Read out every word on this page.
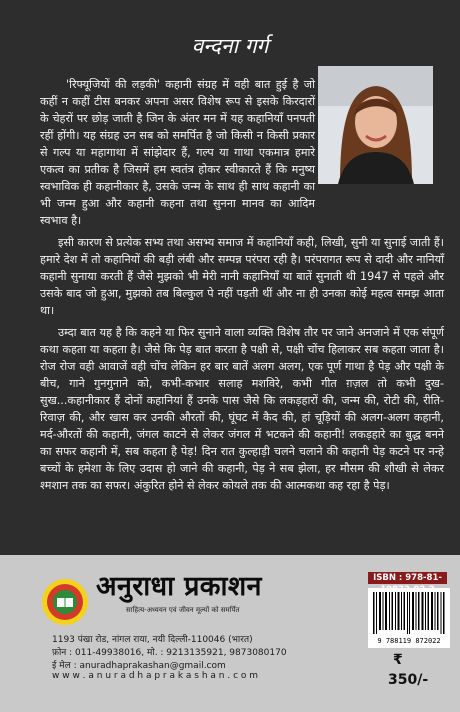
वन्दना गर्ग

'रिफ्यूजियों की लड़की' कहानी संग्रह में वही बात हुई है जो कहीं न कहीं टीस बनकर अपना असर विशेष रूप से इसके किरदारों के चेहरों पर छोड़ जाती है जिन के अंतर मन में यह कहानियाँ पनपती रहीं होंगी। यह संग्रह उन सब को समर्पित है जो किसी न किसी प्रकार से गल्प या महागाथा में सांझेदार हैं, गल्प या गाथा एकमात्र हमारे एकत्व का प्रतीक है जिसमें हम स्वतंत्र होकर स्वीकारते हैं कि मनुष्य स्वभाविक ही कहानीकार है, उसके जन्म के साथ ही साथ कहानी का भी जन्म हुआ और कहानी कहना तथा सुनना मानव का आदिम स्वभाव है।

इसी कारण से प्रत्येक सभ्य तथा असभ्य समाज में कहानियाँ कही, लिखी, सुनी या सुनाई जाती हैं। हमारे देश में तो कहानियों की बड़ी लंबी और सम्पन्न परंपरा रही है। परंपरागत रूप से दादी और नानियाँ कहानी सुनाया करती हैं जैसे मुझको भी मेरी नानी कहानियाँ या बातें सुनाती थी 1947 से पहले और उसके बाद जो हुआ, मुझको तब बिल्कुल पे नहीं पड़ती थीं और ना ही उनका कोई महत्व समझ आता था।

उम्दा बात यह है कि कहने या फिर सुनाने वाला व्यक्ति विशेष तौर पर जाने अनजाने में एक संपूर्ण कथा कहता या कहता है। जैसे कि पेड़ बात करता है पक्षी से, पक्षी चोंच हिलाकर सब कहता जाता है। रोज रोज वही आवाजें वही चोंच लेकिन हर बार बातें अलग अलग, एक पूर्ण गाथा है पेड़ और पक्षी के बीच, गाने गुनगुनाने को, कभी-कभार सलाह मशविरे, कभी गीत ग़ज़ल तो कभी दुख-सुख...कहानीकार हैं दोनों कहानियां हैं उनके पास जैसे कि लकड़हारों की, जन्म की, रोटी की, रीति-रिवाज़ की, और खास कर उनकी औरतों की, घूंघट में कैद की, हां चूड़ियों की अलग-अलग कहानी, मर्द-औरतों की कहानी, जंगल काटने से लेकर जंगल में भटकने की कहानी! लकड़हारे का बुद्ध बनने का सफर कहानी में, सब कहता है पेड़! दिन रात कुल्हाड़ी चलने चलाने की कहानी पेड़ कटने पर नन्हे बच्चों के हमेशा के लिए उदास हो जाने की कहानी, पेड़ ने सब झेला, हर मौसम की शौखी से लेकर श्मशान तक का सफर। अंकुरित होने से लेकर कोयले तक की आत्मकथा कह रहा है पेड़।

अनुराधा प्रकाशन
साहित्य-अध्ययन एवं जीवन मूल्यों को समर्पित
ISBN : 978-81-
9 788119 872022
1193 पंखा रोड, नांगल राया, नयी दिल्ली-110046 (भारत)
फ़ोन : 011-49938016, मो. : 9213135921, 9873080170
ई मेल : anuradhaprakashan@gmail.com
w w w . a n u r a d h a p r a k a s h a n . c o m
₹
350/-
